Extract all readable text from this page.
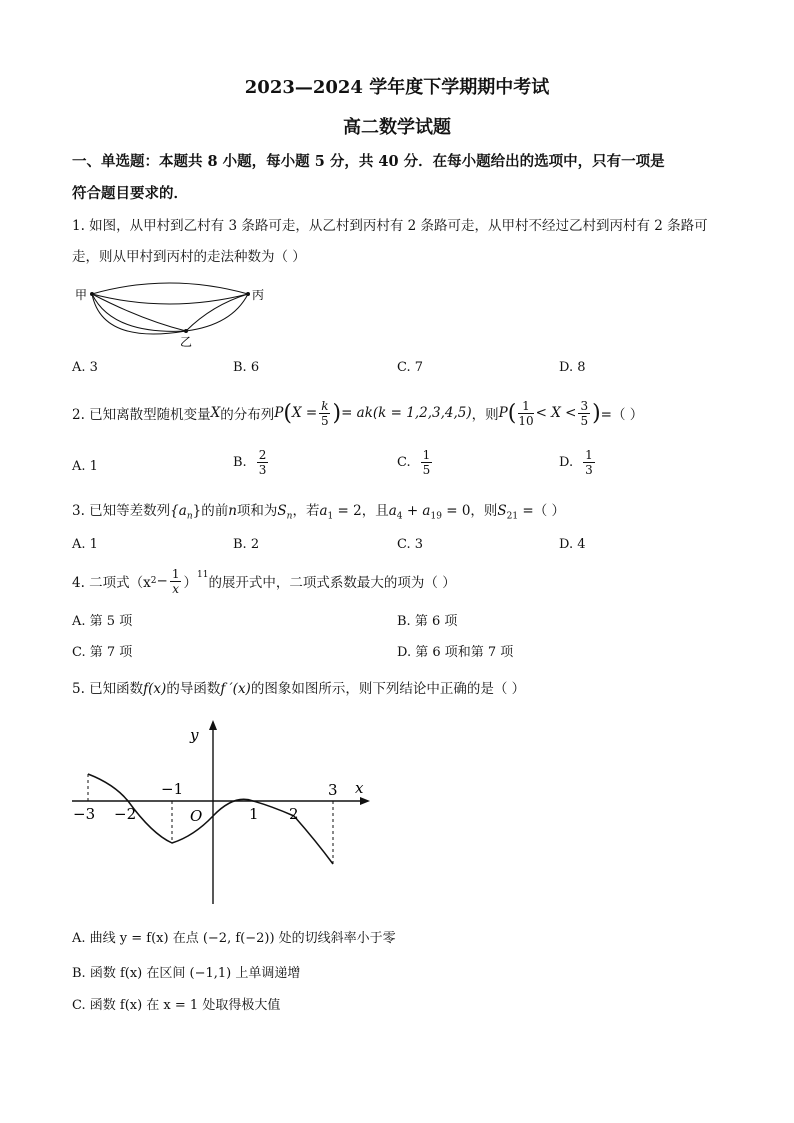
2023—2024 学年度下学期期中考试
高二数学试题
一、单选题：本题共 8 小题，每小题 5 分，共 40 分．在每小题给出的选项中，只有一项是
符合题目要求的．
1. 如图，从甲村到乙村有 3 条路可走，从乙村到丙村有 2 条路可走，从甲村不经过乙村到丙村有 2 条路可
走，则从甲村到丙村的走法种数为（ ）
甲	丙
乙
A. 3	B. 6	C. 7	D. 8
2. 已知离散型随机变量 X 的分布列 P ( $X = \frac{k}{5}$ ) = ak(k = 1,2,3,4,5) ，则 P ( $\frac{1}{10} < X < \frac{3}{5}$ ) =（ ）
A. 1	B. $\frac{2}{3}$	C. $\frac{1}{5}$	D. $\frac{1}{3}$
3. 已知等差数列$\{a_n\}$的前n项和为$S_n$，若$a_1 = 2$，且$a_4 + a_{19} = 0$，则$S_{21}$ =（ ）
A. 1	B. 2	C. 3	D. 4
4. 二项式（x $2 - \frac{1}{x} )^{11}$ 的展开式中，二项式系数最大的项为（ ）
A. 第 5 项	B. 第 6 项
C. 第 7 项	D. 第 6 项和第 7 项
5. 已知函数f(x)的导函数f ′(x)的图象如图所示，则下列结论中正确的是（ ）
y
x
O
−3 −2
−1
1 2
3
A. 曲线 y = f(x) 在点 (−2, f(−2)) 处的切线斜率小于零
B. 函数 f(x) 在区间 (−1,1) 上单调递增
C. 函数 f(x) 在 x = 1 处取得极大值
